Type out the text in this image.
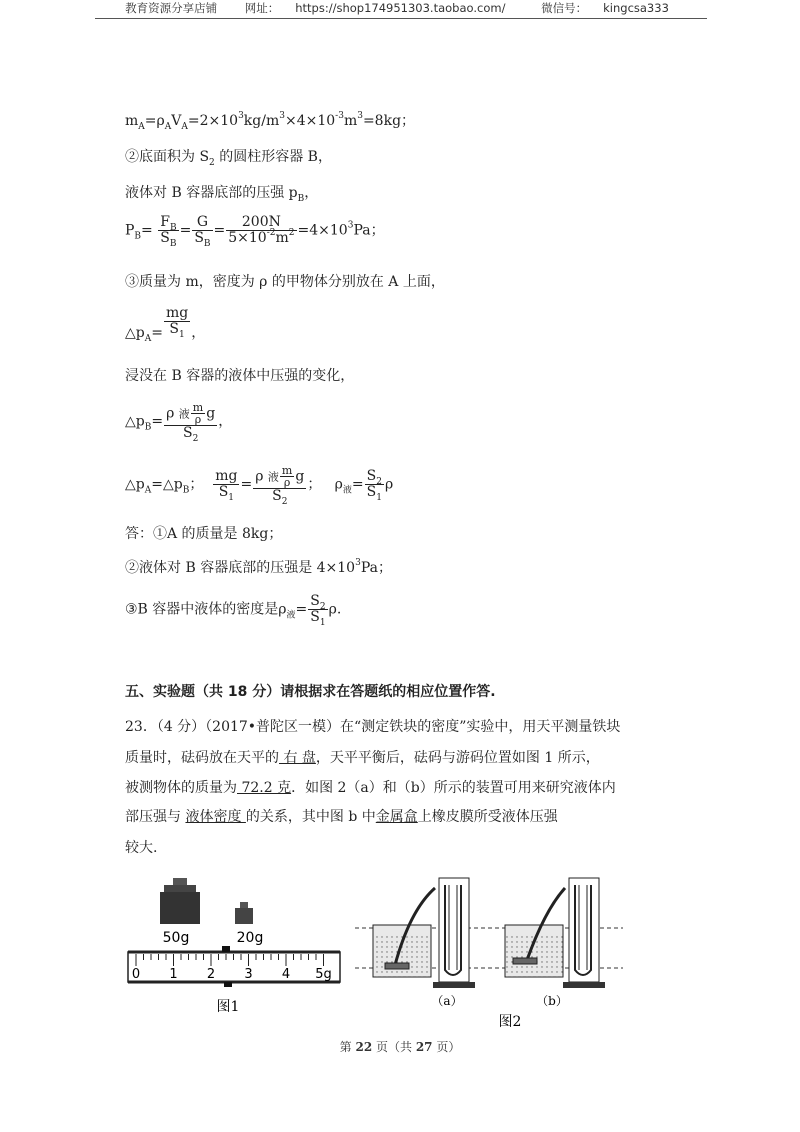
教育资源分享店铺 网址： https://shop174951303.taobao.com/	微信号： kingcsa333
$m_A=\rho_AV_A=2\times 10^3kg/m^3\times 4\times 10^{-3}m^3=8kg$；
②底面积为 $S_2$ 的圆柱形容器 B，
液体对 B 容器底部的压强 $p_B$，
$P_B= \frac{F_B}{S_B} = \frac{G}{S_B} = \frac{200N}{5\times 10^{-2}m^2} =4\times 10^3Pa$；
③质量为 m，密度为 ρ 的甲物体分别放在 A 上面，
$\triangle p_A= \frac{mg}{S_1}$ ，
浸没在 B 容器的液体中压强的变化，
$\triangle p_B= \frac{\rho 液 \frac{m}{\rho} g}{S_2}$ ，
$\triangle p_A=\triangle p_B$； $\frac{mg}{S_1} = \frac{\rho 液 \frac{m}{\rho} g}{S_2}$ ； $\rho_液= \frac{S_2}{S_1}$ ρ
答：①A 的质量是 8kg；
②液体对 B 容器底部的压强是 $4\times 10^3Pa$；
③B 容器中液体的密度是$\rho_液= \frac{S_2}{S_1} \rho$.
五、实验题（共 18 分）请根据求在答题纸的相应位置作答.
23．（4 分）（2017•普陀区一模）在“测定铁块的密度”实验中，用天平测量铁块
质量时，砝码放在天平的 右 盘，天平平衡后，砝码与游码位置如图 1 所示，
被测物体的质量为 72.2 克．如图 2（a）和（b）所示的装置可用来研究液体内
部压强与 液体密度 的关系，其中图 b 中金属盒上橡皮膜所受液体压强
较大.
50g	20g
0 1 2 3 4 5g
图1	（a）	（b）
图2
第 22 页（共 27 页）
